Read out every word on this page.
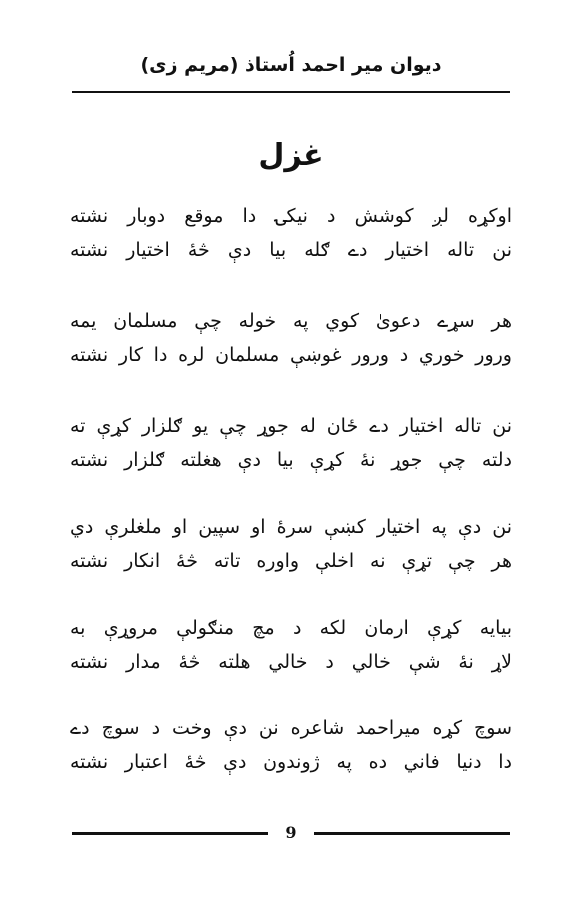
دیوان میر احمد اُستاذ (مریم زی)
غزل
اوکړه لږ کوشش د نیکۍ دا موقع دوبار نشته
نن تاله اختیار دے ګله بیا دې څهٔ اختیار نشته
هر سړے دعویٰ کوي په خوله چې مسلمان یمه
ورور خوري د ورور غوښې مسلمان لره دا کار نشته
نن تاله اختیار دے ځان له جوړ چې یو ګلزار کړې ته
دلته چې جوړ نهٔ کړې بیا دې هغلته ګلزار نشته
نن دې په اختیار کښې سرهٔ او سپین او ملغلرې دي
هر چې تړې نه اخلې واوره تاته څهٔ انکار نشته
بیایه کړې ارمان لکه د مچ منګولې مروړې به
لاړ نهٔ شې خالي د خالي هلته څهٔ مدار نشته
سوچ کړه میراحمد شاعره نن دې وخت د سوچ دے
دا دنیا فاني ده په ژوندون دې څهٔ اعتبار نشته
9
